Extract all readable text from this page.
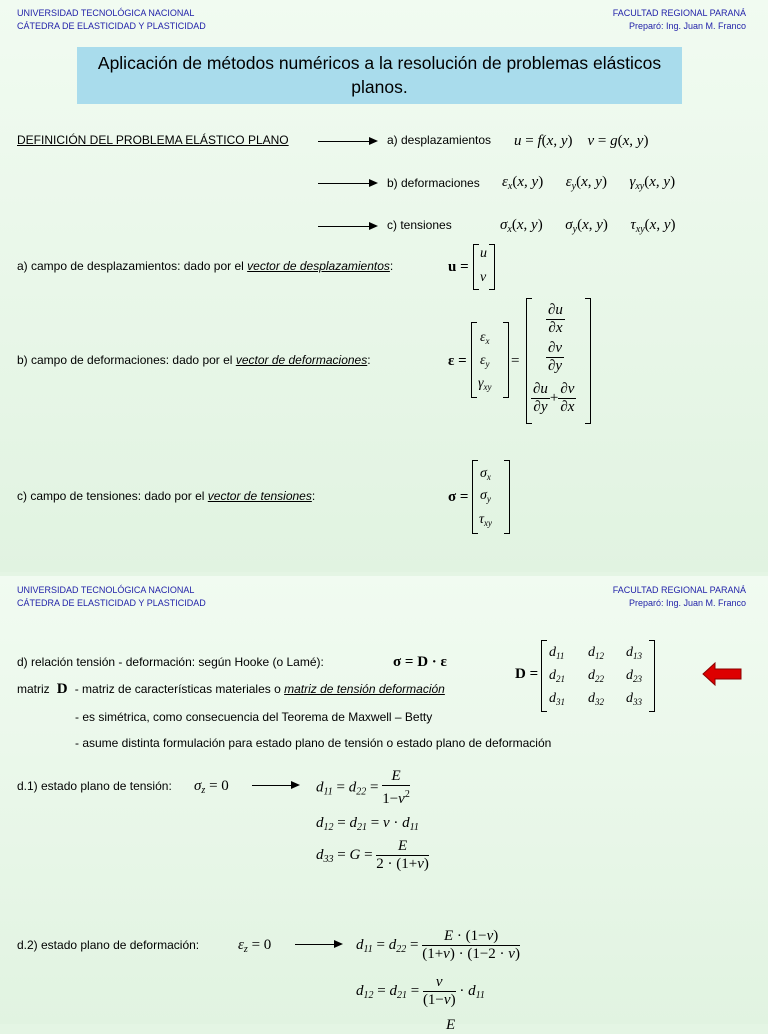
UNIVERSIDAD TECNOLÓGICA NACIONAL
CÁTEDRA DE ELASTICIDAD Y PLASTICIDAD
FACULTAD REGIONAL PARANÁ
Preparó: Ing. Juan M. Franco
Aplicación de métodos numéricos a la resolución de problemas elásticos planos.
DEFINICIÓN DEL PROBLEMA ELÁSTICO PLANO	a) desplazamientos u = f(x, y)    v = g(x, y)
b) deformaciones $\varepsilon_x(x$, y)      $\varepsilon_y(x$, y)      $\gamma_{xy}(x$, y)
c) tensiones	$\sigma_x(x$, y)      $\sigma_y(x$, y)      $\tau_{xy}(x$, y)
a) campo de desplazamientos: dado por el vector de desplazamientos:	u =
u
v
b) campo de deformaciones: dado por el vector de deformaciones:	ε =
$\varepsilon_x$
$\varepsilon_y$
$\gamma_{xy}$
=
$\frac{\partial u}{\partial x}$
$\frac{\partial v}{\partial y}$
$\frac{\partial u}{\partial y} + \frac{\partial v}{\partial x}$
c) campo de tensiones: dado por el vector de tensiones:	σ =
$\sigma_x$
$\sigma_y$
$\tau_{xy}$
UNIVERSIDAD TECNOLÓGICA NACIONAL
CÁTEDRA DE ELASTICIDAD Y PLASTICIDAD
FACULTAD REGIONAL PARANÁ
Preparó: Ing. Juan M. Franco
d) relación tensión - deformación: según Hooke (o Lamé):	σ = D · ε
matriz  D  - matriz de características materiales o matriz de tensión deformación
- es simétrica, como consecuencia del Teorema de Maxwell – Betty
- asume distinta formulación para estado plano de tensión o estado plano de deformación
D =
$d_{11}$ $d_{12}$ $d_{13}$
$d_{21}$ $d_{22}$ $d_{23}$
$d_{31}$ $d_{32}$ $d_{33}$
d.1) estado plano de tensión: $\sigma_z = 0$	$d_{11} = d_{22} = \frac{E}{1-\nu^2}$
$d_{12} = d_{21} = \nu \cdot d_{11}$
$d_{33} = G = \frac{E}{2 \cdot (1+\nu)}$
d.2) estado plano de deformación:	$\varepsilon_z = 0$	$d_{11} = d_{22} = \frac{E \cdot (1-\nu)}{(1+\nu) \cdot (1-2 \cdot \nu)}$
$d_{12} = d_{21} = \frac{\nu}{(1-\nu)} \cdot d_{11}$
E
